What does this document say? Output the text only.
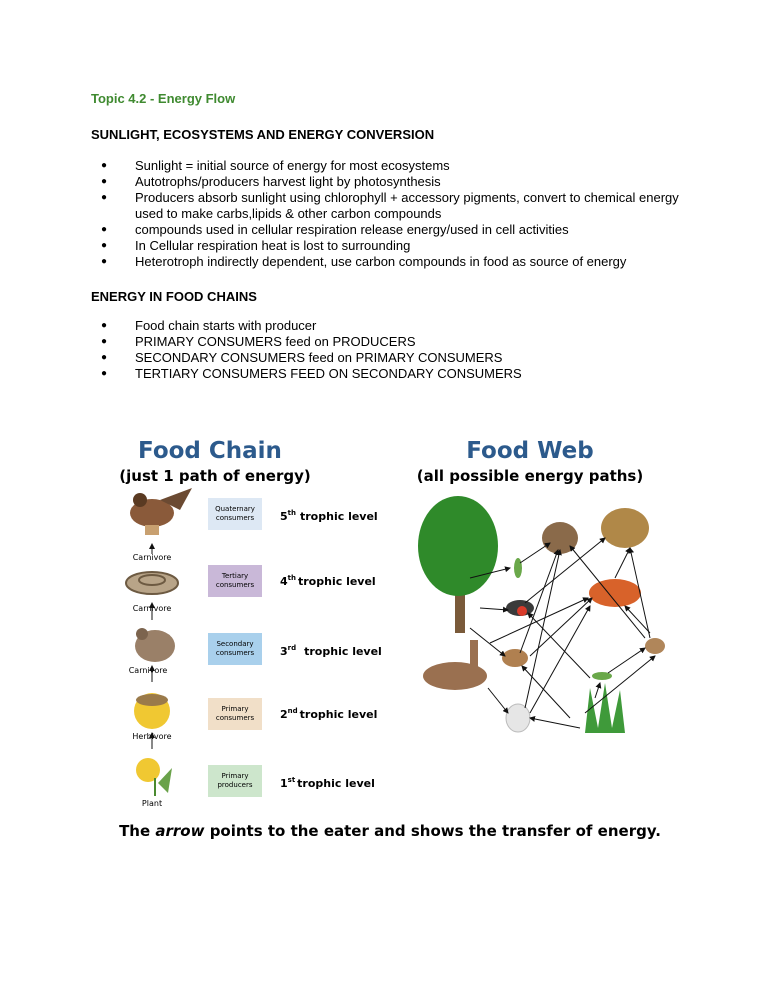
Topic 4.2 - Energy Flow
SUNLIGHT, ECOSYSTEMS AND ENERGY CONVERSION
● Sunlight = initial source of energy for most ecosystems
● Autotrophs/producers harvest light by photosynthesis
● Producers absorb sunlight using chlorophyll + accessory pigments, convert to chemical energy used to make carbs,lipids & other carbon compounds
● compounds used in cellular respiration release energy/used in cell activities
● In Cellular respiration heat is lost to surrounding
● Heterotroph indirectly dependent, use carbon compounds in food as source of energy
ENERGY IN FOOD CHAINS
● Food chain starts with producer
● PRIMARY CONSUMERS feed on PRODUCERS
● SECONDARY CONSUMERS feed on PRIMARY CONSUMERS
● TERTIARY CONSUMERS FEED ON SECONDARY CONSUMERS
Food Chain
(just 1 path of energy)
Food Web
(all possible energy paths)
Carnivore
Carnivore
Carnivore
Herbivore
Plant
Quaternary consumers 5th trophic level
Tertiary consumers 4th trophic level
Secondary consumers 3rd trophic level
Primary consumers 2nd trophic level
Primary producers 1st trophic level
The arrow points to the eater and shows the transfer of energy.
